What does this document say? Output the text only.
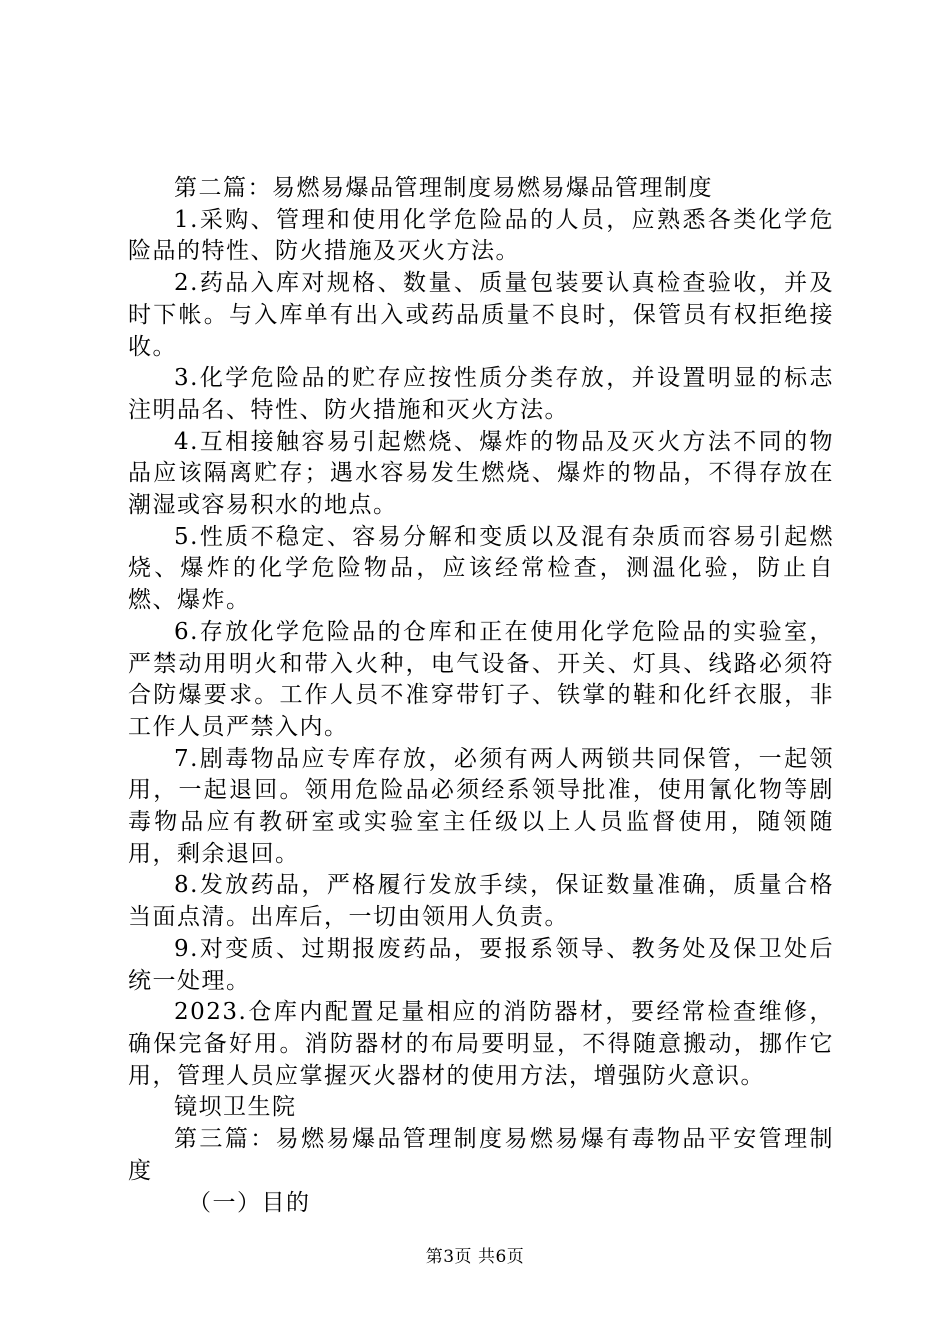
第二篇：易燃易爆品管理制度易燃易爆品管理制度

1.采购、管理和使用化学危险品的人员，应熟悉各类化学危险品的特性、防火措施及灭火方法。

2.药品入库对规格、数量、质量包装要认真检查验收，并及时下帐。与入库单有出入或药品质量不良时，保管员有权拒绝接收。

3.化学危险品的贮存应按性质分类存放，并设置明显的标志注明品名、特性、防火措施和灭火方法。

4.互相接触容易引起燃烧、爆炸的物品及灭火方法不同的物品应该隔离贮存；遇水容易发生燃烧、爆炸的物品，不得存放在潮湿或容易积水的地点。

5.性质不稳定、容易分解和变质以及混有杂质而容易引起燃烧、爆炸的化学危险物品，应该经常检查，测温化验，防止自燃、爆炸。

6.存放化学危险品的仓库和正在使用化学危险品的实验室，严禁动用明火和带入火种，电气设备、开关、灯具、线路必须符合防爆要求。工作人员不准穿带钉子、铁掌的鞋和化纤衣服，非工作人员严禁入内。

7.剧毒物品应专库存放，必须有两人两锁共同保管，一起领用，一起退回。领用危险品必须经系领导批准，使用氰化物等剧毒物品应有教研室或实验室主任级以上人员监督使用，随领随用，剩余退回。

8.发放药品，严格履行发放手续，保证数量准确，质量合格当面点清。出库后，一切由领用人负责。

9.对变质、过期报废药品，要报系领导、教务处及保卫处后统一处理。

2023.仓库内配置足量相应的消防器材，要经常检查维修，确保完备好用。消防器材的布局要明显，不得随意搬动，挪作它用，管理人员应掌握灭火器材的使用方法，增强防火意识。

镜坝卫生院

第三篇：易燃易爆品管理制度易燃易爆有毒物品平安管理制度

（一）目的

第3页 共6页
